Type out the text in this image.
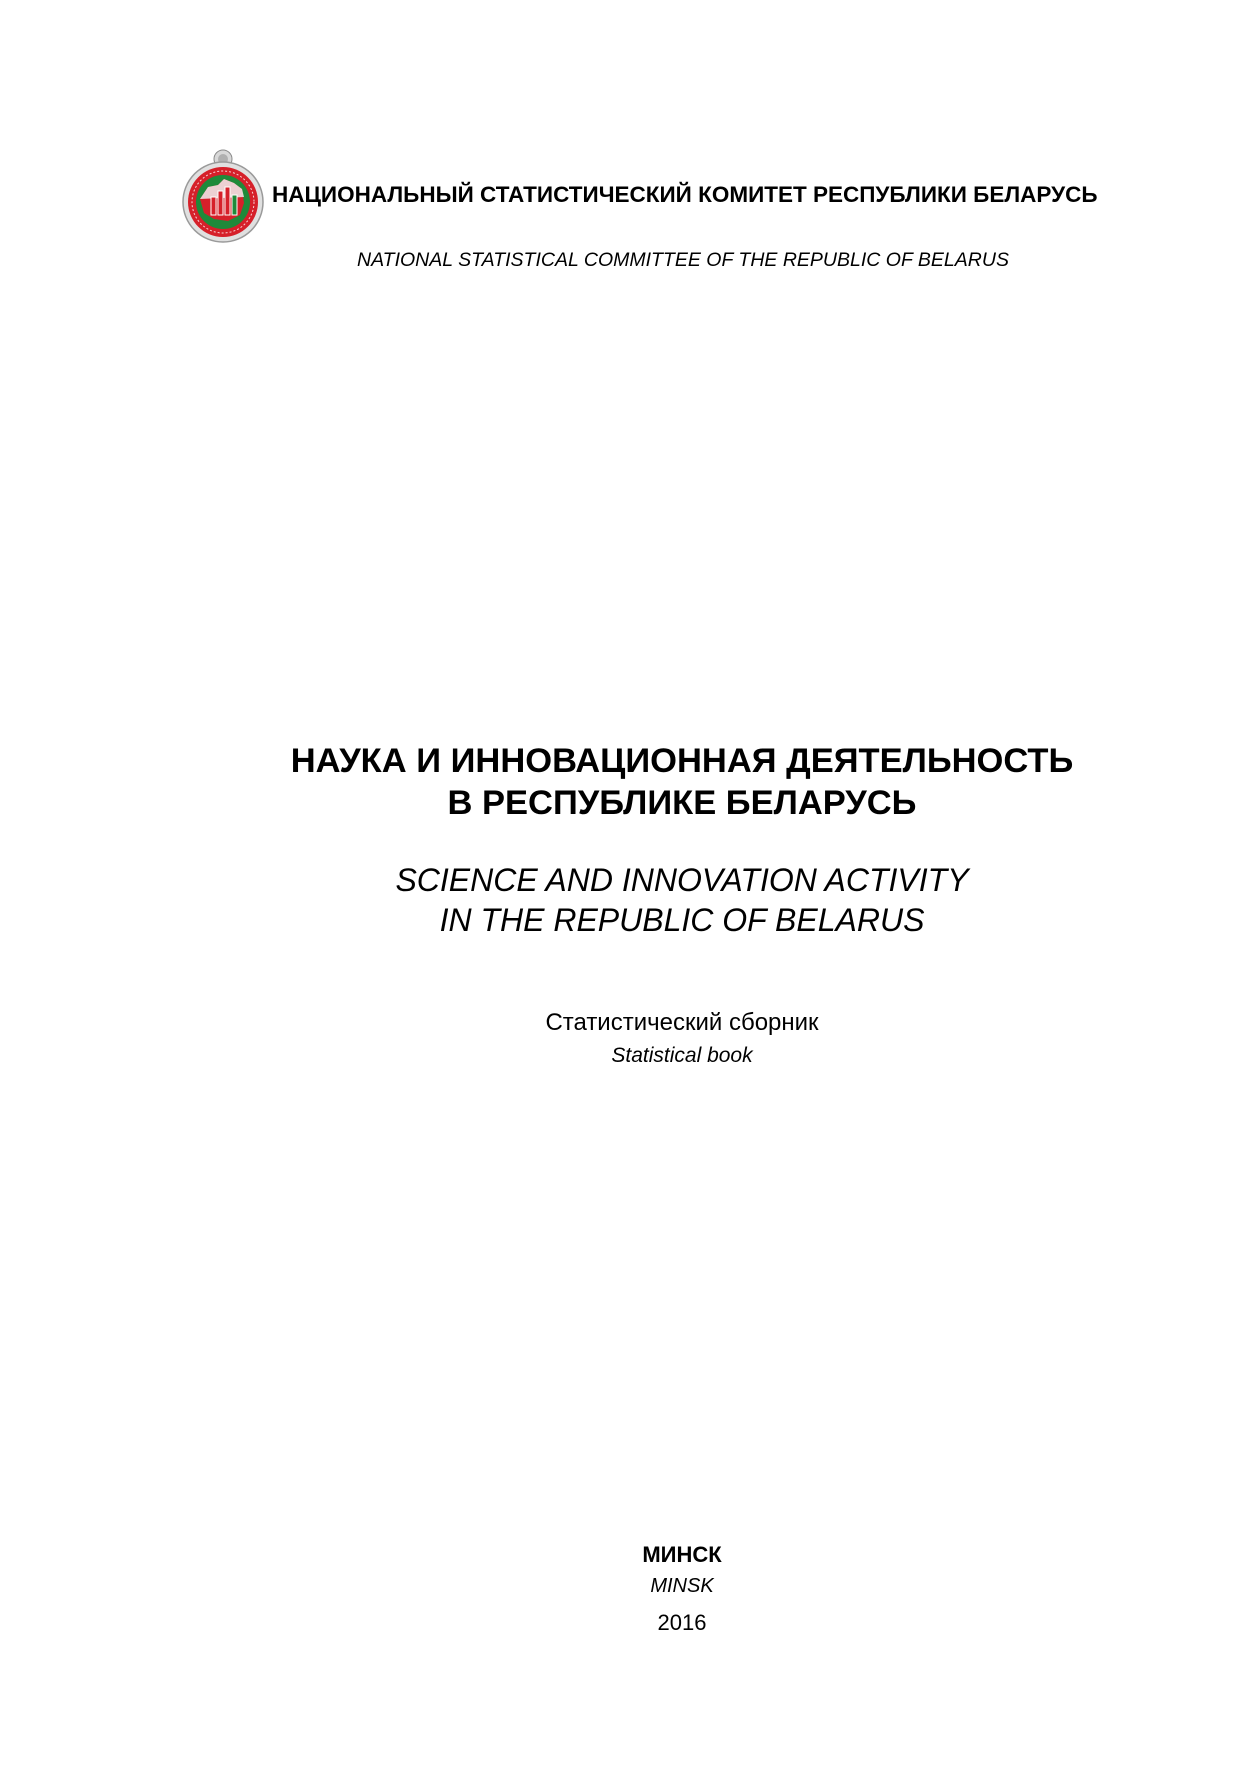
НАЦИОНАЛЬНЫЙ СТАТИСТИЧЕСКИЙ КОМИТЕТ РЕСПУБЛИКИ БЕЛАРУСЬ
NATIONAL STATISTICAL COMMITTEE OF THE REPUBLIC OF BELARUS
НАУКА И ИННОВАЦИОННАЯ ДЕЯТЕЛЬНОСТЬ
В РЕСПУБЛИКЕ БЕЛАРУСЬ
SCIENCE AND INNOVATION ACTIVITY
IN THE REPUBLIC OF BELARUS
Статистический сборник
Statistical book
МИНСК
MINSK
2016
